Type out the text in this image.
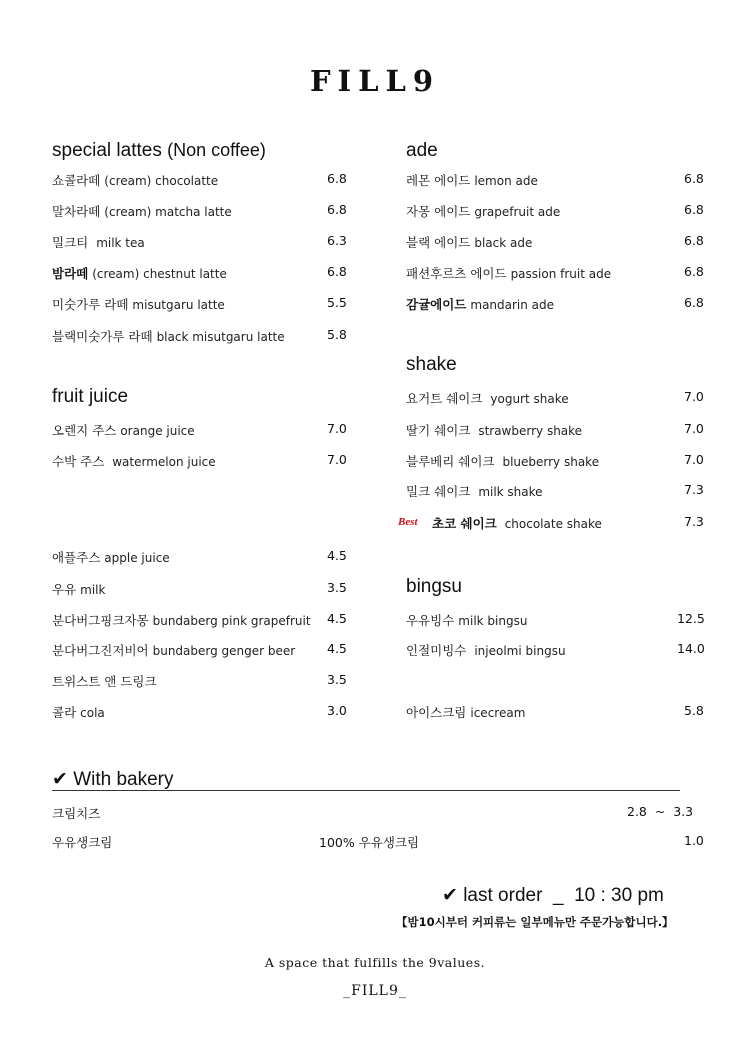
FILL9
special lattes (Non coffee)
쇼콜라떼 (cream) chocolatte	6.8
말차라떼 (cream) matcha latte	6.8
밀크티 milk tea	6.3
밤라떼 (cream) chestnut latte	6.8
미숫가루 라떼 misutgaru latte	5.5
블랙미숫가루 라떼 black misutgaru latte	5.8
fruit juice
오렌지 주스 orange juice	7.0
수박 주스 watermelon juice	7.0
애플주스 apple juice	4.5
우유 milk	3.5
분다버그핑크자몽 bundaberg pink grapefruit 4.5
분다버그진저비어 bundaberg genger beer	4.5
트위스트 앤 드링크	3.5
콜라 cola	3.0
ade
레몬 에이드 lemon ade	6.8
자몽 에이드 grapefruit ade	6.8
블랙 에이드 black ade	6.8
패션후르츠 에이드 passion fruit ade	6.8
감귤에이드 mandarin ade	6.8
shake
요거트 쉐이크 yogurt shake	7.0
딸기 쉐이크 strawberry shake	7.0
블루베리 쉐이크 blueberry shake	7.0
밀크 쉐이크 milk shake	7.3
Best 초코 쉐이크 chocolate shake	7.3
bingsu
우유빙수 milk bingsu	12.5
인절미빙수 injeolmi bingsu	14.0
아이스크림 icecream	5.8
✔ With bakery
크림치즈	2.8  ~  3.3
우유생크림	100% 우유생크림	1.0
✔ last order  _  10 : 30 pm
【밤10시부터 커피류는 일부메뉴만 주문가능합니다.】
A space that fulfills the 9values.
_FILL9_
